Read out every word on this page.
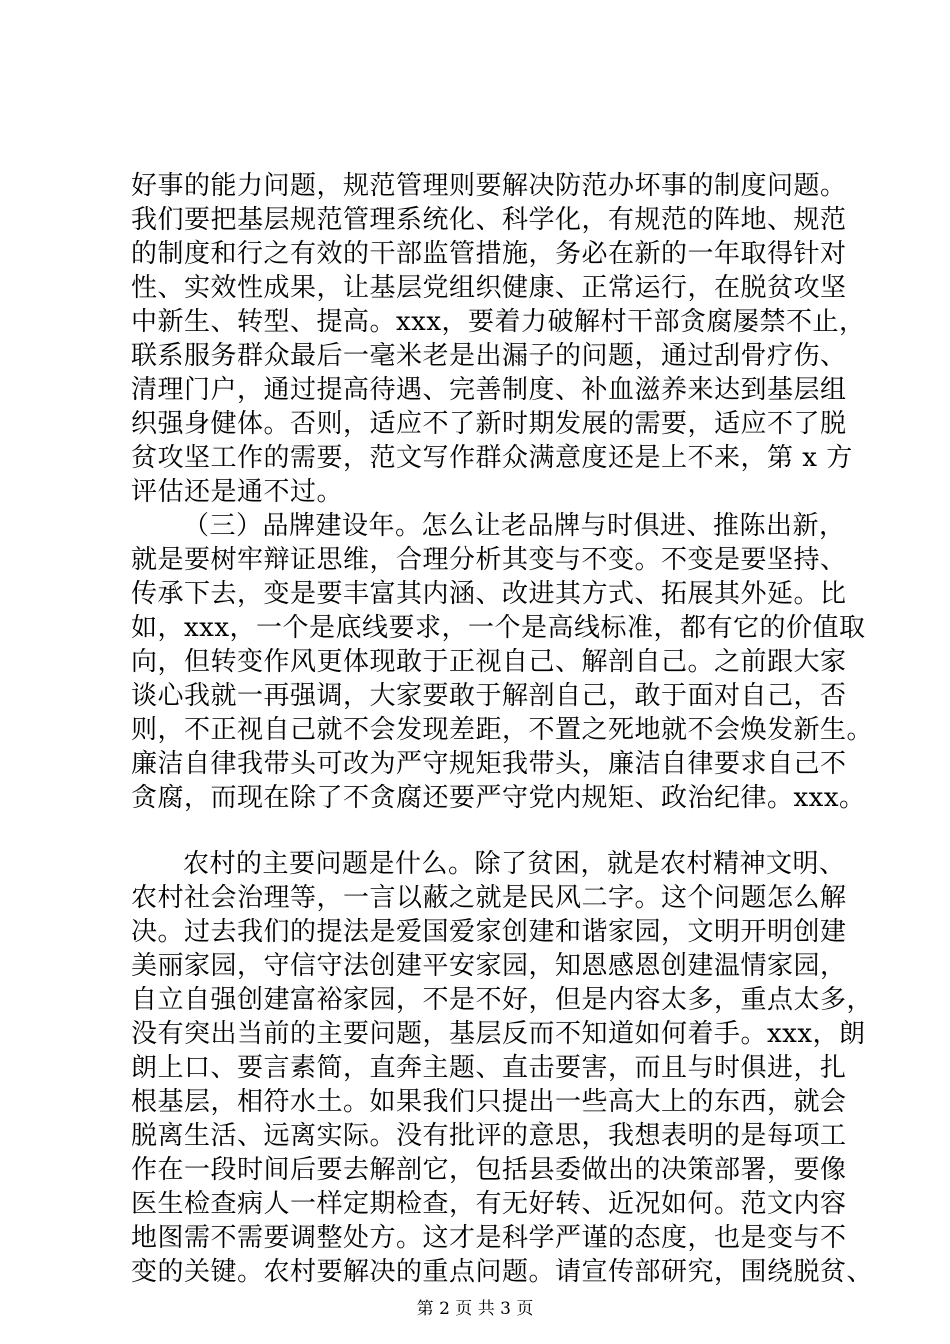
好事的能力问题，规范管理则要解决防范办坏事的制度问题。
我们要把基层规范管理系统化、科学化，有规范的阵地、规范
的制度和行之有效的干部监管措施，务必在新的一年取得针对
性、实效性成果，让基层党组织健康、正常运行，在脱贫攻坚
中新生、转型、提高。xxx，要着力破解村干部贪腐屡禁不止，
联系服务群众最后一毫米老是出漏子的问题，通过刮骨疗伤、
清理门户，通过提高待遇、完善制度、补血滋养来达到基层组
织强身健体。否则，适应不了新时期发展的需要，适应不了脱
贫攻坚工作的需要，范文写作群众满意度还是上不来，第 x 方
评估还是通不过。
（三）品牌建设年。怎么让老品牌与时俱进、推陈出新，
就是要树牢辩证思维，合理分析其变与不变。不变是要坚持、
传承下去，变是要丰富其内涵、改进其方式、拓展其外延。比
如，xxx，一个是底线要求，一个是高线标准，都有它的价值取
向，但转变作风更体现敢于正视自己、解剖自己。之前跟大家
谈心我就一再强调，大家要敢于解剖自己，敢于面对自己，否
则，不正视自己就不会发现差距，不置之死地就不会焕发新生。
廉洁自律我带头可改为严守规矩我带头，廉洁自律要求自己不
贪腐，而现在除了不贪腐还要严守党内规矩、政治纪律。xxx。
农村的主要问题是什么。除了贫困，就是农村精神文明、
农村社会治理等，一言以蔽之就是民风二字。这个问题怎么解
决。过去我们的提法是爱国爱家创建和谐家园，文明开明创建
美丽家园，守信守法创建平安家园，知恩感恩创建温情家园，
自立自强创建富裕家园，不是不好，但是内容太多，重点太多，
没有突出当前的主要问题，基层反而不知道如何着手。xxx，朗
朗上口、要言素简，直奔主题、直击要害，而且与时俱进，扎
根基层，相符水土。如果我们只提出一些高大上的东西，就会
脱离生活、远离实际。没有批评的意思，我想表明的是每项工
作在一段时间后要去解剖它，包括县委做出的决策部署，要像
医生检查病人一样定期检查，有无好转、近况如何。范文内容
地图需不需要调整处方。这才是科学严谨的态度，也是变与不
变的关键。农村要解决的重点问题。请宣传部研究，围绕脱贫、
第 2 页 共 3 页
